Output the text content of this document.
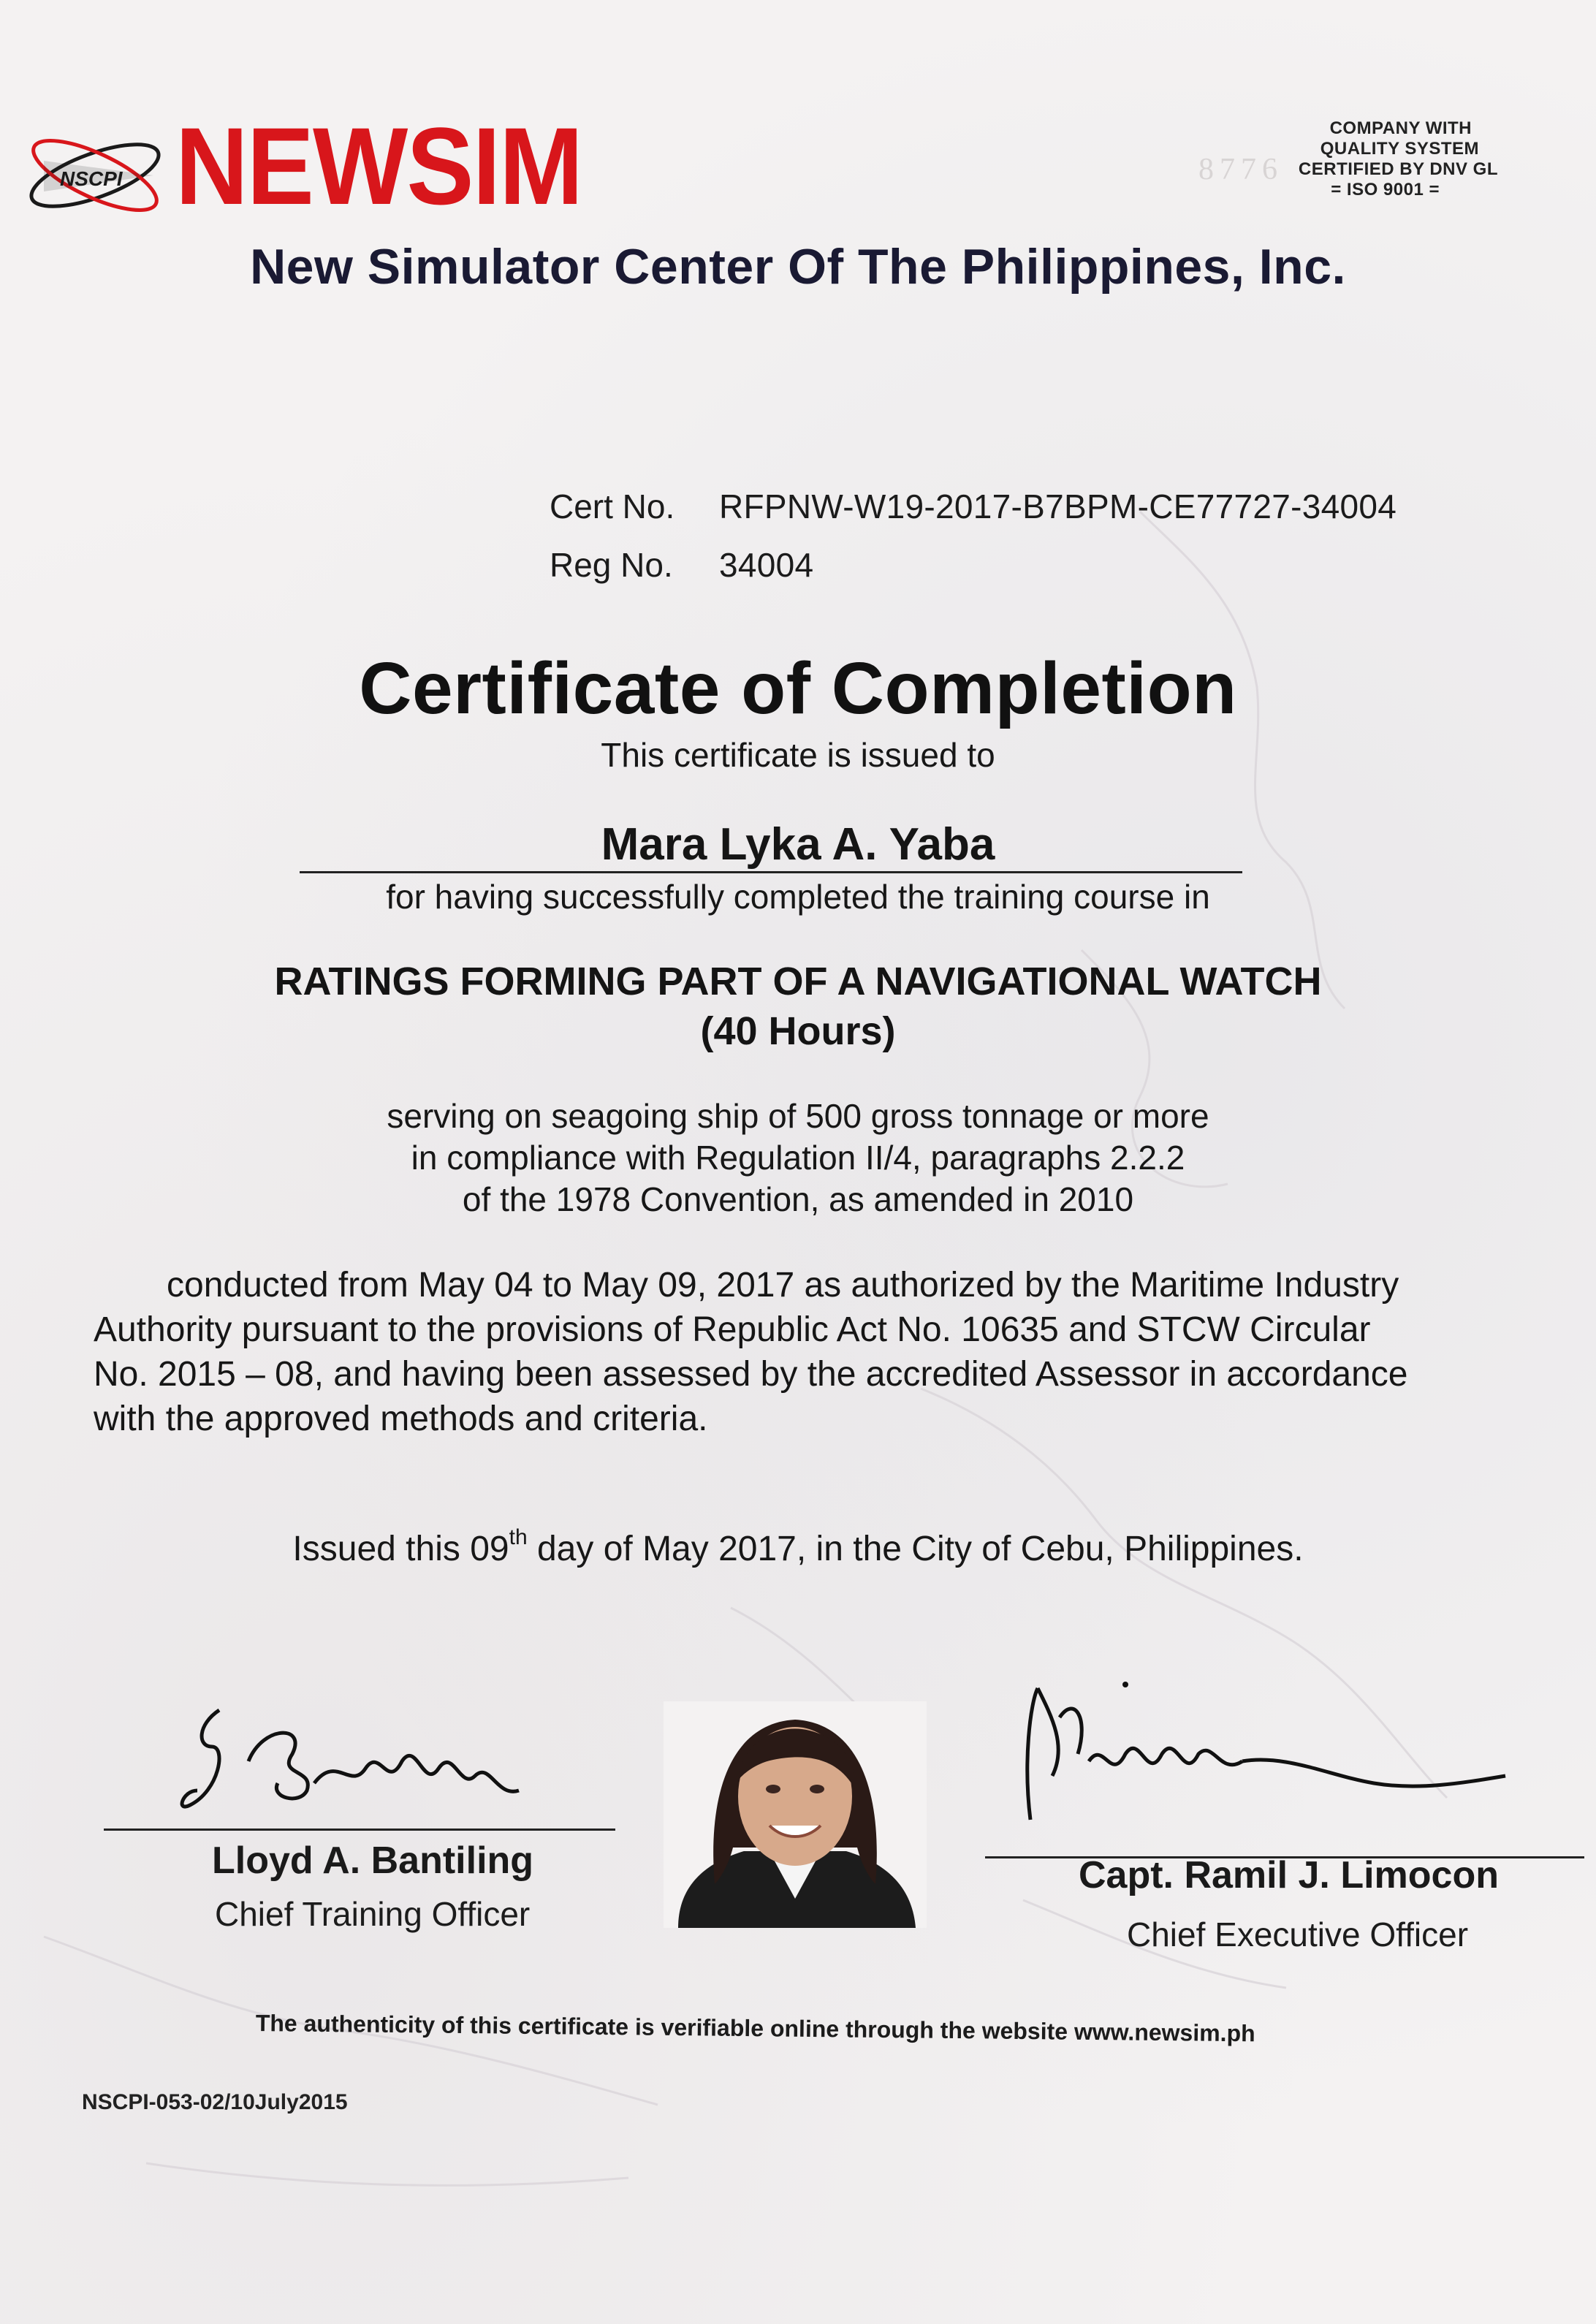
NSCPI NEWSIM	8776
COMPANY WITH
QUALITY SYSTEM
CERTIFIED BY DNV GL
= ISO 9001 =
New Simulator Center Of The Philippines, Inc.
Cert No. RFPNW-W19-2017-B7BPM-CE77727-34004
Reg No. 34004
Certificate of Completion
This certificate is issued to
Mara Lyka A. Yaba
for having successfully completed the training course in
RATINGS FORMING PART OF A NAVIGATIONAL WATCH
(40 Hours)
serving on seagoing ship of 500 gross tonnage or more
in compliance with Regulation II/4, paragraphs 2.2.2
of the 1978 Convention, as amended in 2010
conducted from May 04 to May 09, 2017 as authorized by the Maritime Industry
Authority pursuant to the provisions of Republic Act No. 10635 and STCW Circular
No. 2015 – 08, and having been assessed by the accredited Assessor in accordance
with the approved methods and criteria.
Issued this 09th day of May 2017, in the City of Cebu, Philippines.
Lloyd A. Bantiling
Chief Training Officer
Capt. Ramil J. Limocon
Chief Executive Officer
The authenticity of this certificate is verifiable online through the website www.newsim.ph
NSCPI-053-02/10July2015
